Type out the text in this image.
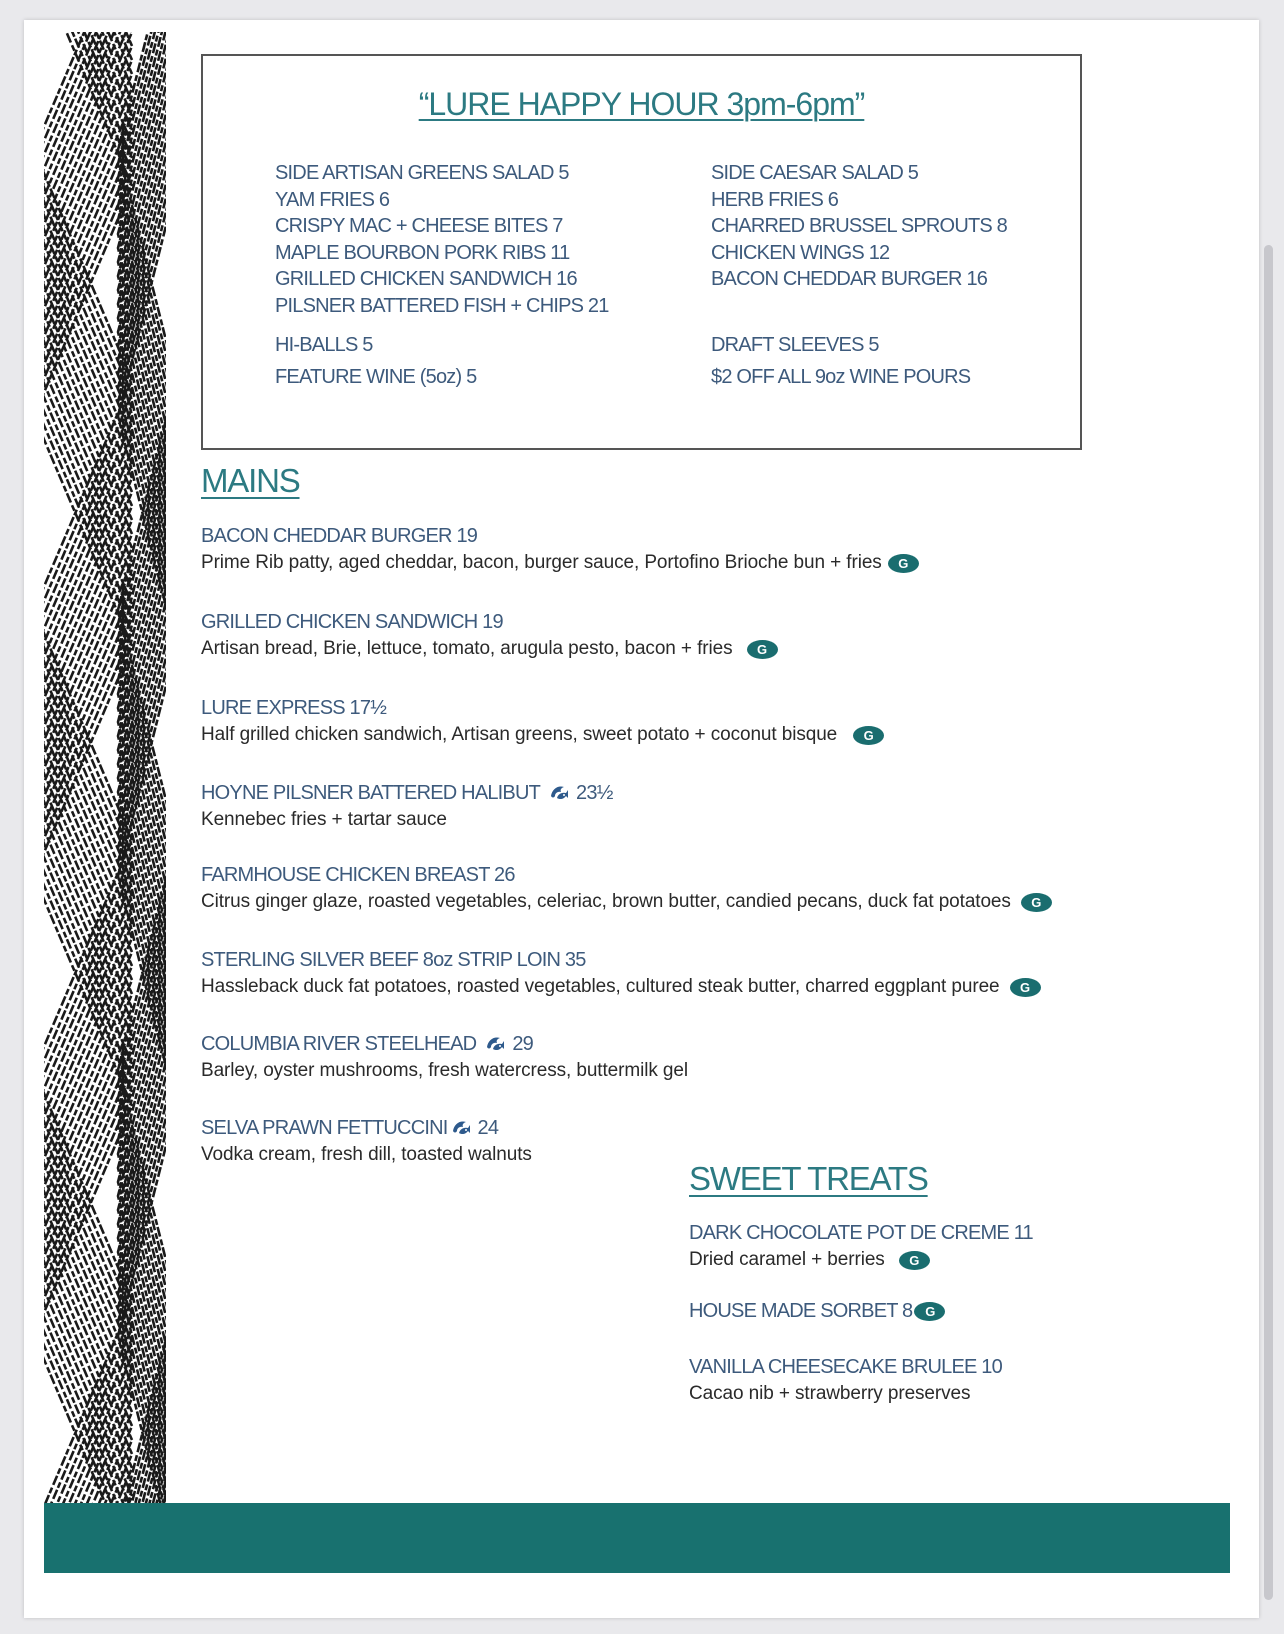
“LURE HAPPY HOUR 3pm-6pm”
SIDE ARTISAN GREENS SALAD 5
YAM FRIES 6
CRISPY MAC + CHEESE BITES 7
MAPLE BOURBON PORK RIBS 11
GRILLED CHICKEN SANDWICH 16
PILSNER BATTERED FISH + CHIPS 21
SIDE CAESAR SALAD 5
HERB FRIES 6
CHARRED BRUSSEL SPROUTS 8
CHICKEN WINGS 12
BACON CHEDDAR BURGER 16
HI-BALLS 5	DRAFT SLEEVES 5
FEATURE WINE (5oz) 5	$2 OFF ALL 9oz WINE POURS
MAINS
BACON CHEDDAR BURGER 19
Prime Rib patty, aged cheddar, bacon, burger sauce, Portofino Brioche bun + fries	G
GRILLED CHICKEN SANDWICH 19
Artisan bread, Brie, lettuce, tomato, arugula pesto, bacon + fries	G
LURE EXPRESS 17½
Half grilled chicken sandwich, Artisan greens, sweet potato + coconut bisque	G
HOYNE PILSNER BATTERED HALIBUT 23½
Kennebec fries + tartar sauce
FARMHOUSE CHICKEN BREAST 26
Citrus ginger glaze, roasted vegetables, celeriac, brown butter, candied pecans, duck fat potatoes	G
STERLING SILVER BEEF 8oz STRIP LOIN 35
Hassleback duck fat potatoes, roasted vegetables, cultured steak butter, charred eggplant puree	G
COLUMBIA RIVER STEELHEAD 29
Barley, oyster mushrooms, fresh watercress, buttermilk gel
SELVA PRAWN FETTUCCINI 24
Vodka cream, fresh dill, toasted walnuts
SWEET TREATS
DARK CHOCOLATE POT DE CREME 11
Dried caramel + berries	G
HOUSE MADE SORBET 8 G
VANILLA CHEESECAKE BRULEE 10
Cacao nib + strawberry preserves
